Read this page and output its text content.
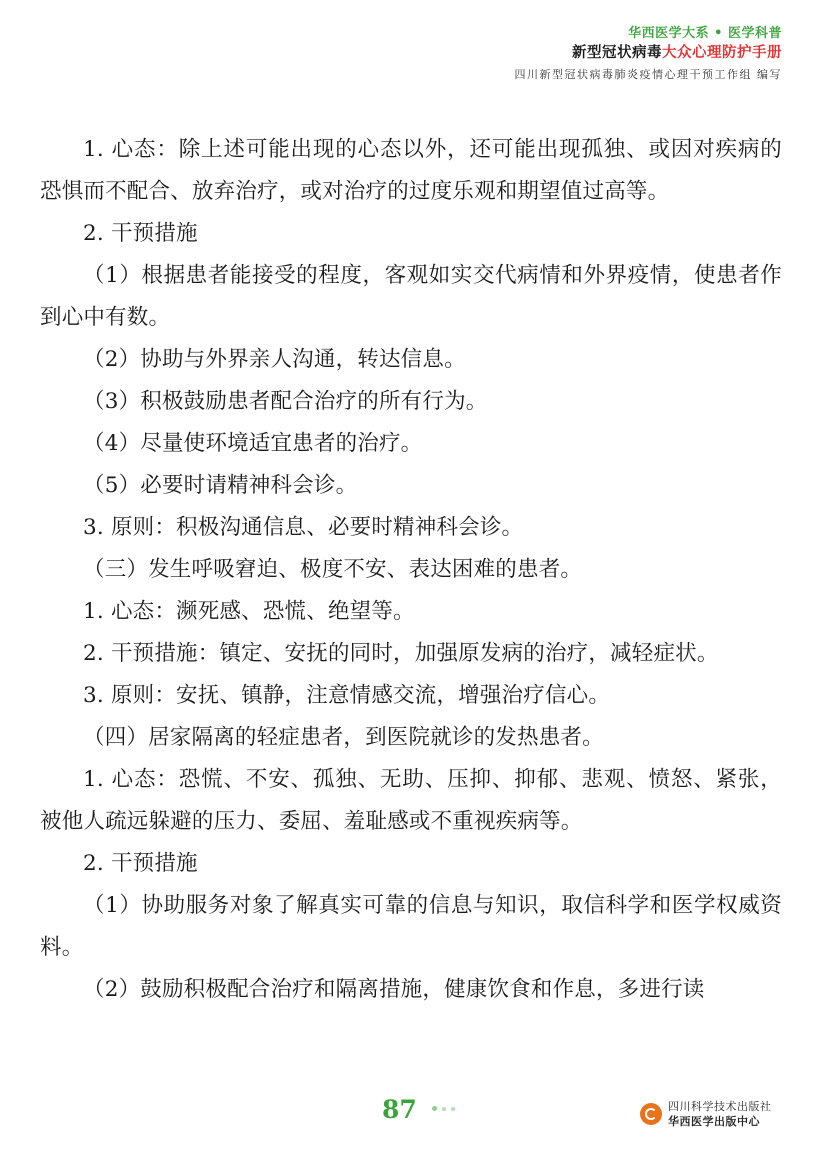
华西医学大系 • 医学科普
新型冠状病毒大众心理防护手册
四川新型冠状病毒肺炎疫情心理干预工作组 编写

1. 心态：除上述可能出现的心态以外，还可能出现孤独、或因对疾病的恐惧而不配合、放弃治疗，或对治疗的过度乐观和期望值过高等。

2. 干预措施

（1）根据患者能接受的程度，客观如实交代病情和外界疫情，使患者作到心中有数。

（2）协助与外界亲人沟通，转达信息。

（3）积极鼓励患者配合治疗的所有行为。

（4）尽量使环境适宜患者的治疗。

（5）必要时请精神科会诊。

3. 原则：积极沟通信息、必要时精神科会诊。

（三）发生呼吸窘迫、极度不安、表达困难的患者。

1. 心态：濒死感、恐慌、绝望等。

2. 干预措施：镇定、安抚的同时，加强原发病的治疗，减轻症状。

3. 原则：安抚、镇静，注意情感交流，增强治疗信心。

（四）居家隔离的轻症患者，到医院就诊的发热患者。

1. 心态：恐慌、不安、孤独、无助、压抑、抑郁、悲观、愤怒、紧张，被他人疏远躲避的压力、委屈、羞耻感或不重视疾病等。

2. 干预措施

（1）协助服务对象了解真实可靠的信息与知识，取信科学和医学权威资料。

（2）鼓励积极配合治疗和隔离措施，健康饮食和作息，多进行读

87	四川科学技术出版社
华西医学出版中心
